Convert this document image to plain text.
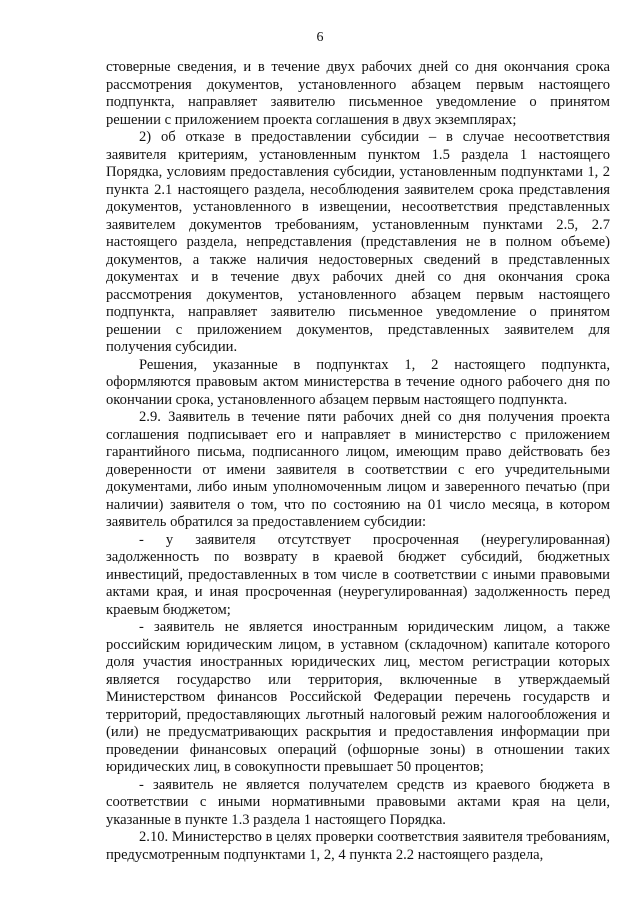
6

стоверные сведения, и в течение двух рабочих дней со дня окончания срока рассмотрения документов, установленного абзацем первым настоящего подпункта, направляет заявителю письменное уведомление о принятом решении с приложением проекта соглашения в двух экземплярах;

2) об отказе в предоставлении субсидии – в случае несоответствия заявителя критериям, установленным пунктом 1.5 раздела 1 настоящего Порядка, условиям предоставления субсидии, установленным подпунктами 1, 2 пункта 2.1 настоящего раздела, несоблюдения заявителем срока представления документов, установленного в извещении, несоответствия представленных заявителем документов требованиям, установленным пунктами 2.5, 2.7 настоящего раздела, непредставления (представления не в полном объеме) документов, а также наличия недостоверных сведений в представленных документах и в течение двух рабочих дней со дня окончания срока рассмотрения документов, установленного абзацем первым настоящего подпункта, направляет заявителю письменное уведомление о принятом решении с приложением документов, представленных заявителем для получения субсидии.

Решения, указанные в подпунктах 1, 2 настоящего подпункта, оформляются правовым актом министерства в течение одного рабочего дня по окончании срока, установленного абзацем первым настоящего подпункта.

2.9. Заявитель в течение пяти рабочих дней со дня получения проекта соглашения подписывает его и направляет в министерство с приложением гарантийного письма, подписанного лицом, имеющим право действовать без доверенности от имени заявителя в соответствии с его учредительными документами, либо иным уполномоченным лицом и заверенного печатью (при наличии) заявителя о том, что по состоянию на 01 число месяца, в котором заявитель обратился за предоставлением субсидии:

- у заявителя отсутствует просроченная (неурегулированная) задолженность по возврату в краевой бюджет субсидий, бюджетных инвестиций, предоставленных в том числе в соответствии с иными правовыми актами края, и иная просроченная (неурегулированная) задолженность перед краевым бюджетом;

- заявитель не является иностранным юридическим лицом, а также российским юридическим лицом, в уставном (складочном) капитале которого доля участия иностранных юридических лиц, местом регистрации которых является государство или территория, включенные в утверждаемый Министерством финансов Российской Федерации перечень государств и территорий, предоставляющих льготный налоговый режим налогообложения и (или) не предусматривающих раскрытия и предоставления информации при проведении финансовых операций (офшорные зоны) в отношении таких юридических лиц, в совокупности превышает 50 процентов;

- заявитель не является получателем средств из краевого бюджета в соответствии с иными нормативными правовыми актами края на цели, указанные в пункте 1.3 раздела 1 настоящего Порядка.

2.10. Министерство в целях проверки соответствия заявителя требованиям, предусмотренным подпунктами 1, 2, 4 пункта 2.2 настоящего раздела,
